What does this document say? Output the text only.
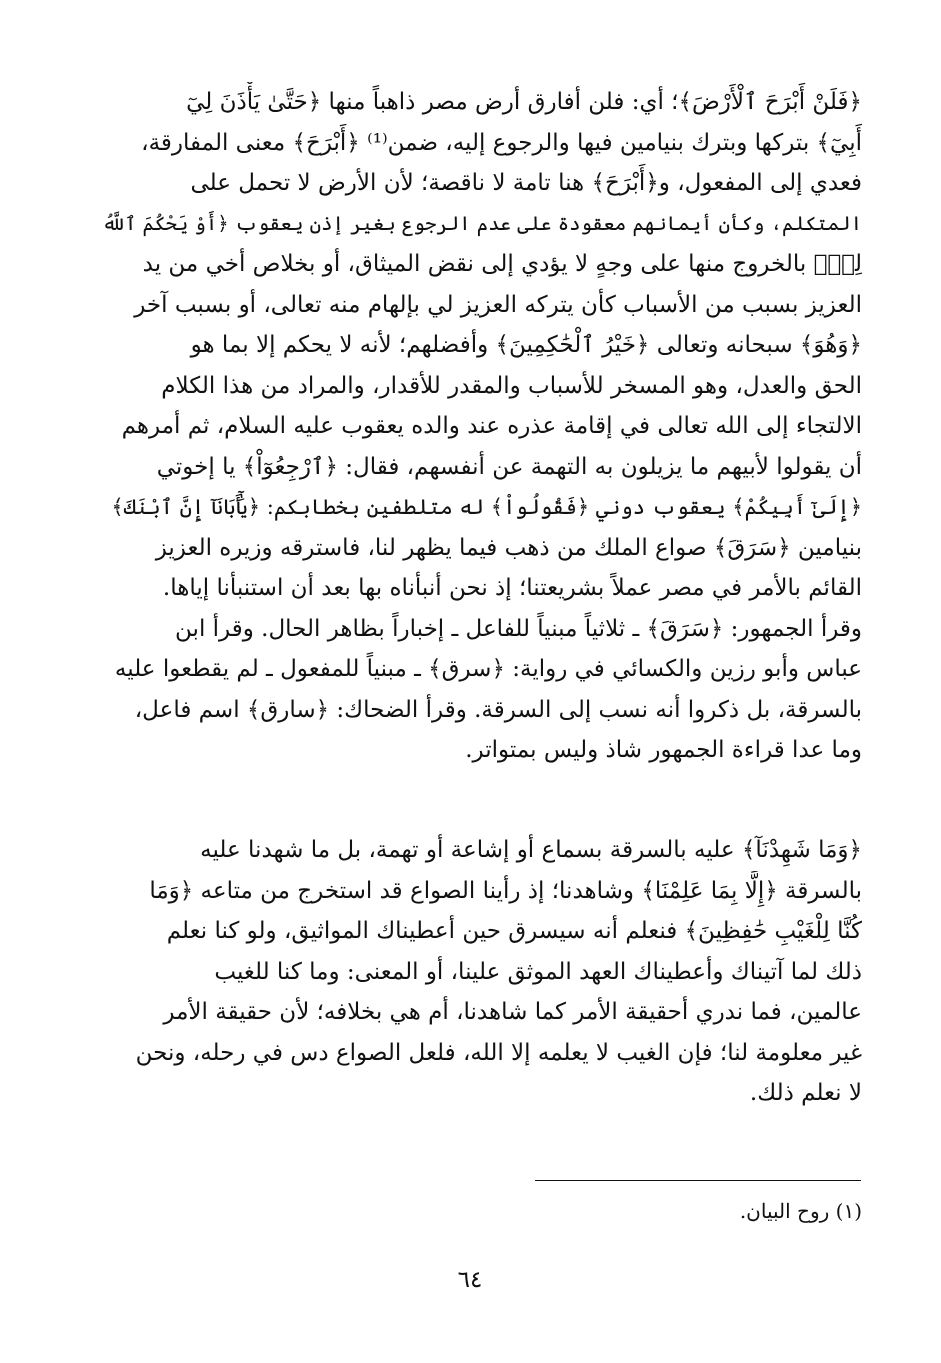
﴿فَلَنْ أَبْرَحَ ٱلْأَرْضَ﴾؛ أي: فلن أفارق أرض مصر ذاهباً منها ﴿حَتَّىٰ يَأْذَنَ لِيٓ
أَبِيٓ﴾ بتركها وبترك بنيامين فيها والرجوع إليه، ضمن⁽¹⁾ ﴿أَبْرَحَ﴾ معنى المفارقة،
فعدي إلى المفعول، و﴿أَبْرَحَ﴾ هنا تامة لا ناقصة؛ لأن الأرض لا تحمل على
المتكلم، وكأن أيمانهم معقودة على عدم الرجوع بغير إذن يعقوب ﴿أَوْ يَحْكُمَ ٱللَّهُ
لِيۖ﴾ بالخروج منها على وجهٍ لا يؤدي إلى نقض الميثاق، أو بخلاص أخي من يد
العزيز بسبب من الأسباب كأن يتركه العزيز لي بإلهام منه تعالى، أو بسبب آخر
﴿وَهُوَ﴾ سبحانه وتعالى ﴿خَيْرُ ٱلْحَٰكِمِينَ﴾ وأفضلهم؛ لأنه لا يحكم إلا بما هو
الحق والعدل، وهو المسخر للأسباب والمقدر للأقدار، والمراد من هذا الكلام
الالتجاء إلى الله تعالى في إقامة عذره عند والده يعقوب عليه السلام، ثم أمرهم
أن يقولوا لأبيهم ما يزيلون به التهمة عن أنفسهم، فقال: ﴿ٱرْجِعُوٓاْ﴾ يا إخوتي
﴿إِلَىٰٓ أَبِيكُمْ﴾ يعقوب دوني ﴿فَقُولُواْ﴾ له متلطفين بخطابكم: ﴿يَٰٓأَبَانَآ إِنَّ ٱبْنَكَ﴾
بنيامين ﴿سَرَقَ﴾ صواع الملك من ذهب فيما يظهر لنا، فاسترقه وزيره العزيز
القائم بالأمر في مصر عملاً بشريعتنا؛ إذ نحن أنبأناه بها بعد أن استنبأنا إياها.
وقرأ الجمهور: ﴿سَرَقَ﴾ ـ ثلاثياً مبنياً للفاعل ـ إخباراً بظاهر الحال. وقرأ ابن
عباس وأبو رزين والكسائي في رواية: ﴿سرق﴾ ـ مبنياً للمفعول ـ لم يقطعوا عليه
بالسرقة، بل ذكروا أنه نسب إلى السرقة. وقرأ الضحاك: ﴿سارق﴾ اسم فاعل،
وما عدا قراءة الجمهور شاذ وليس بمتواتر.
﴿وَمَا شَهِدْنَآ﴾ عليه بالسرقة بسماع أو إشاعة أو تهمة، بل ما شهدنا عليه
بالسرقة ﴿إِلَّا بِمَا عَلِمْنَا﴾ وشاهدنا؛ إذ رأينا الصواع قد استخرج من متاعه ﴿وَمَا
كُنَّا لِلْغَيْبِ حَٰفِظِينَ﴾ فنعلم أنه سيسرق حين أعطيناك المواثيق، ولو كنا نعلم
ذلك لما آتيناك وأعطيناك العهد الموثق علينا، أو المعنى: وما كنا للغيب
عالمين، فما ندري أحقيقة الأمر كما شاهدنا، أم هي بخلافه؛ لأن حقيقة الأمر
غير معلومة لنا؛ فإن الغيب لا يعلمه إلا الله، فلعل الصواع دس في رحله، ونحن
لا نعلم ذلك.

(١) روح البيان.

٦٤
